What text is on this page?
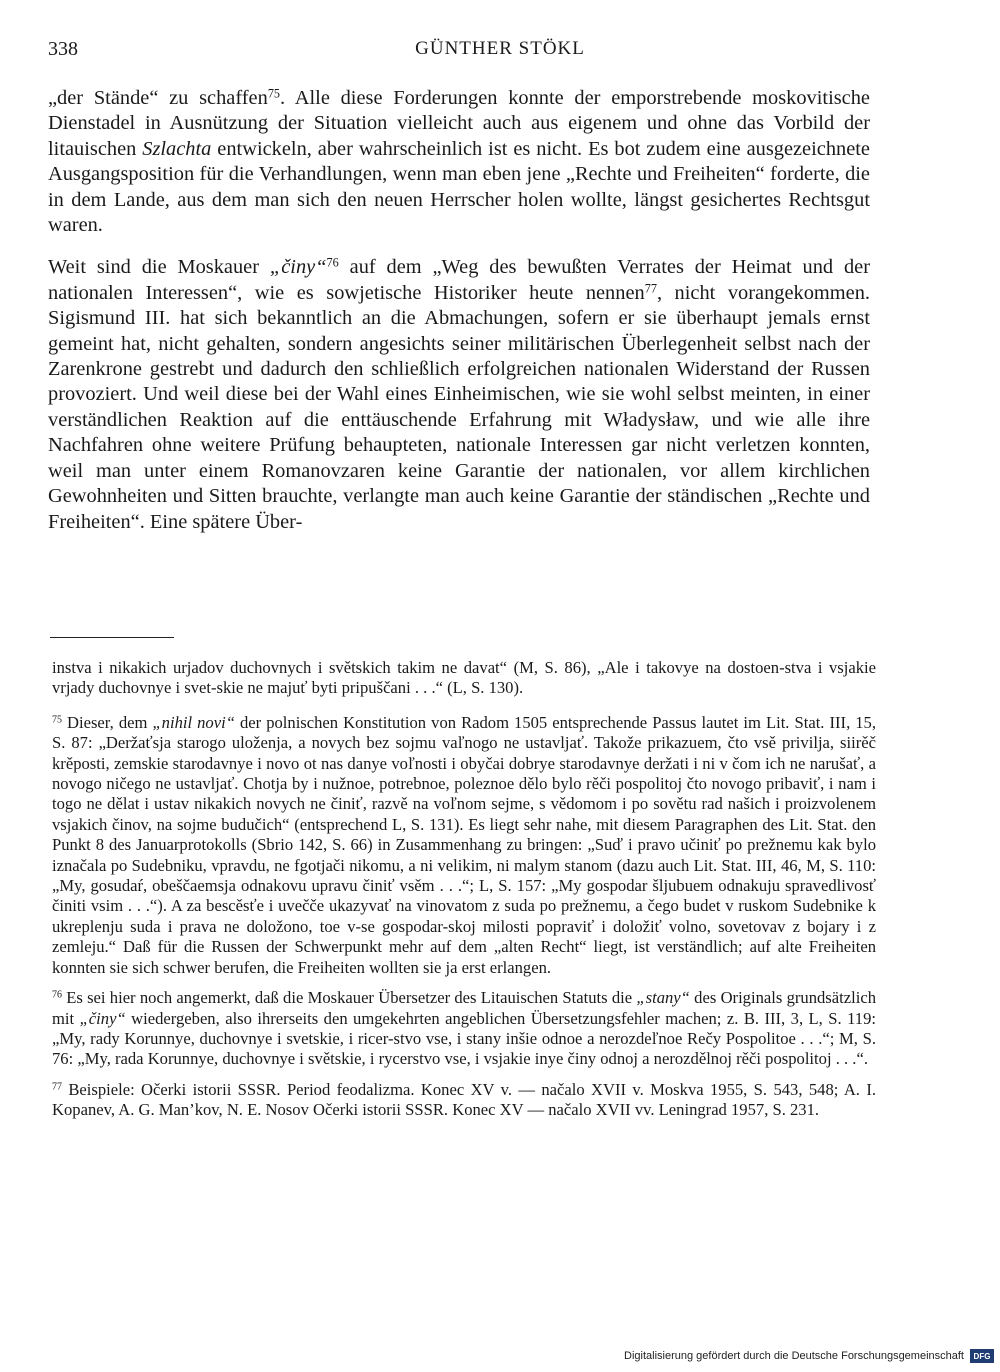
338	GÜNTHER STÖKL

„der Stände“ zu schaffen$^{75}$. Alle diese Forderungen konnte der emporstrebende moskovitische Dienstadel in Ausnützung der Situation vielleicht auch aus eigenem und ohne das Vorbild der litauischen Szlachta entwickeln, aber wahrscheinlich ist es nicht. Es bot zudem eine ausgezeichnete Ausgangsposition für die Verhandlungen, wenn man eben jene „Rechte und Freiheiten“ forderte, die in dem Lande, aus dem man sich den neuen Herrscher holen wollte, längst gesichertes Rechtsgut waren.

Weit sind die Moskauer „činy“$^{76}$ auf dem „Weg des bewußten Verrates der Heimat und der nationalen Interessen“, wie es sowjetische Historiker heute nennen$^{77}$, nicht vorangekommen. Sigismund III. hat sich bekanntlich an die Abmachungen, sofern er sie überhaupt jemals ernst gemeint hat, nicht gehalten, sondern angesichts seiner militärischen Überlegenheit selbst nach der Zarenkrone gestrebt und dadurch den schließlich erfolgreichen nationalen Widerstand der Russen provoziert. Und weil diese bei der Wahl eines Einheimischen, wie sie wohl selbst meinten, in einer verständlichen Reaktion auf die enttäuschende Erfahrung mit Władysław, und wie alle ihre Nachfahren ohne weitere Prüfung behaupteten, nationale Interessen gar nicht verletzen konnten, weil man unter einem Romanovzaren keine Garantie der nationalen, vor allem kirchlichen Gewohnheiten und Sitten brauchte, verlangte man auch keine Garantie der ständischen „Rechte und Freiheiten“. Eine spätere Über-

instva i nikakich urjadov duchovnych i světskich takim ne davat“ (M, S. 86), „Ale i takovye na dostoen-stva i vsjakie vrjady duchovnye i svet-skie ne majuť byti pripuščani . . .“ (L, S. 130).

$^{75}$ Dieser, dem „nihil novi“ der polnischen Konstitution von Radom 1505 entsprechende Passus lautet im Lit. Stat. III, 15, S. 87: „Deržaťsja starogo uloženja, a novych bez sojmu vaľnogo ne ustavljať. Takože prikazuem, čto vsě privilja, siirěč krěposti, zemskie starodavnye i novo ot nas danye voľnosti i obyčai dobrye starodavnye deržati i ni v čom ich ne narušať, a novogo ničego ne ustavljať. Chotja by i nužnoe, potrebnoe, poleznoe dělo bylo rěči pospolitoj čto novogo pribaviť, i nam i togo ne dělat i ustav nikakich novych ne činiť, razvě na voľnom sejme, s vědomom i po sovětu rad našich i proizvolenem vsjakich činov, na sojme budučich“ (entsprechend L, S. 131). Es liegt sehr nahe, mit diesem Paragraphen des Lit. Stat. den Punkt 8 des Januarprotokolls (Sbrio 142, S. 66) in Zusammenhang zu bringen: „Suď i pravo učiniť po prežnemu kak bylo iznačala po Sudebniku, vpravdu, ne fgotjači nikomu, a ni velikim, ni malym stanom (dazu auch Lit. Stat. III, 46, M, S. 110: „My, gosudaŕ, obeščaemsja odnakovu upravu činiť vsěm . . .“; L, S. 157: „My gospodar šljubuem odnakuju spravedlivosť činiti vsim . . .“). A za bescěsťe i uvečče ukazyvať na vinovatom z suda po prežnemu, a čego budet v ruskom Sudebnike k ukreplenju suda i prava ne doložono, toe v-se gospodar-skoj milosti popraviť i doložiť volno, sovetovav z bojary i z zemleju.“ Daß für die Russen der Schwerpunkt mehr auf dem „alten Recht“ liegt, ist verständlich; auf alte Freiheiten konnten sie sich schwer berufen, die Freiheiten wollten sie ja erst erlangen.

$^{76}$ Es sei hier noch angemerkt, daß die Moskauer Übersetzer des Litauischen Statuts die „stany“ des Originals grundsätzlich mit „činy“ wiedergeben, also ihrerseits den umgekehrten angeblichen Übersetzungsfehler machen; z. B. III, 3, L, S. 119: „My, rady Korunnye, duchovnye i svetskie, i ricer-stvo vse, i stany inšie odnoe a nerozdeľnoe Rečy Pospolitoe . . .“; M, S. 76: „My, rada Korunnye, duchovnye i světskie, i rycerstvo vse, i vsjakie inye činy odnoj a nerozdělnoj rěči pospolitoj . . .“.

$^{77}$ Beispiele: Očerki istorii SSSR. Period feodalizma. Konec XV v. — načalo XVII v. Moskva 1955, S. 543, 548; A. I. Kopanev, A. G. Man’kov, N. E. Nosov Očerki istorii SSSR. Konec XV — načalo XVII vv. Leningrad 1957, S. 231.

Digitalisierung gefördert durch die Deutsche Forschungsgemeinschaft	DFG
